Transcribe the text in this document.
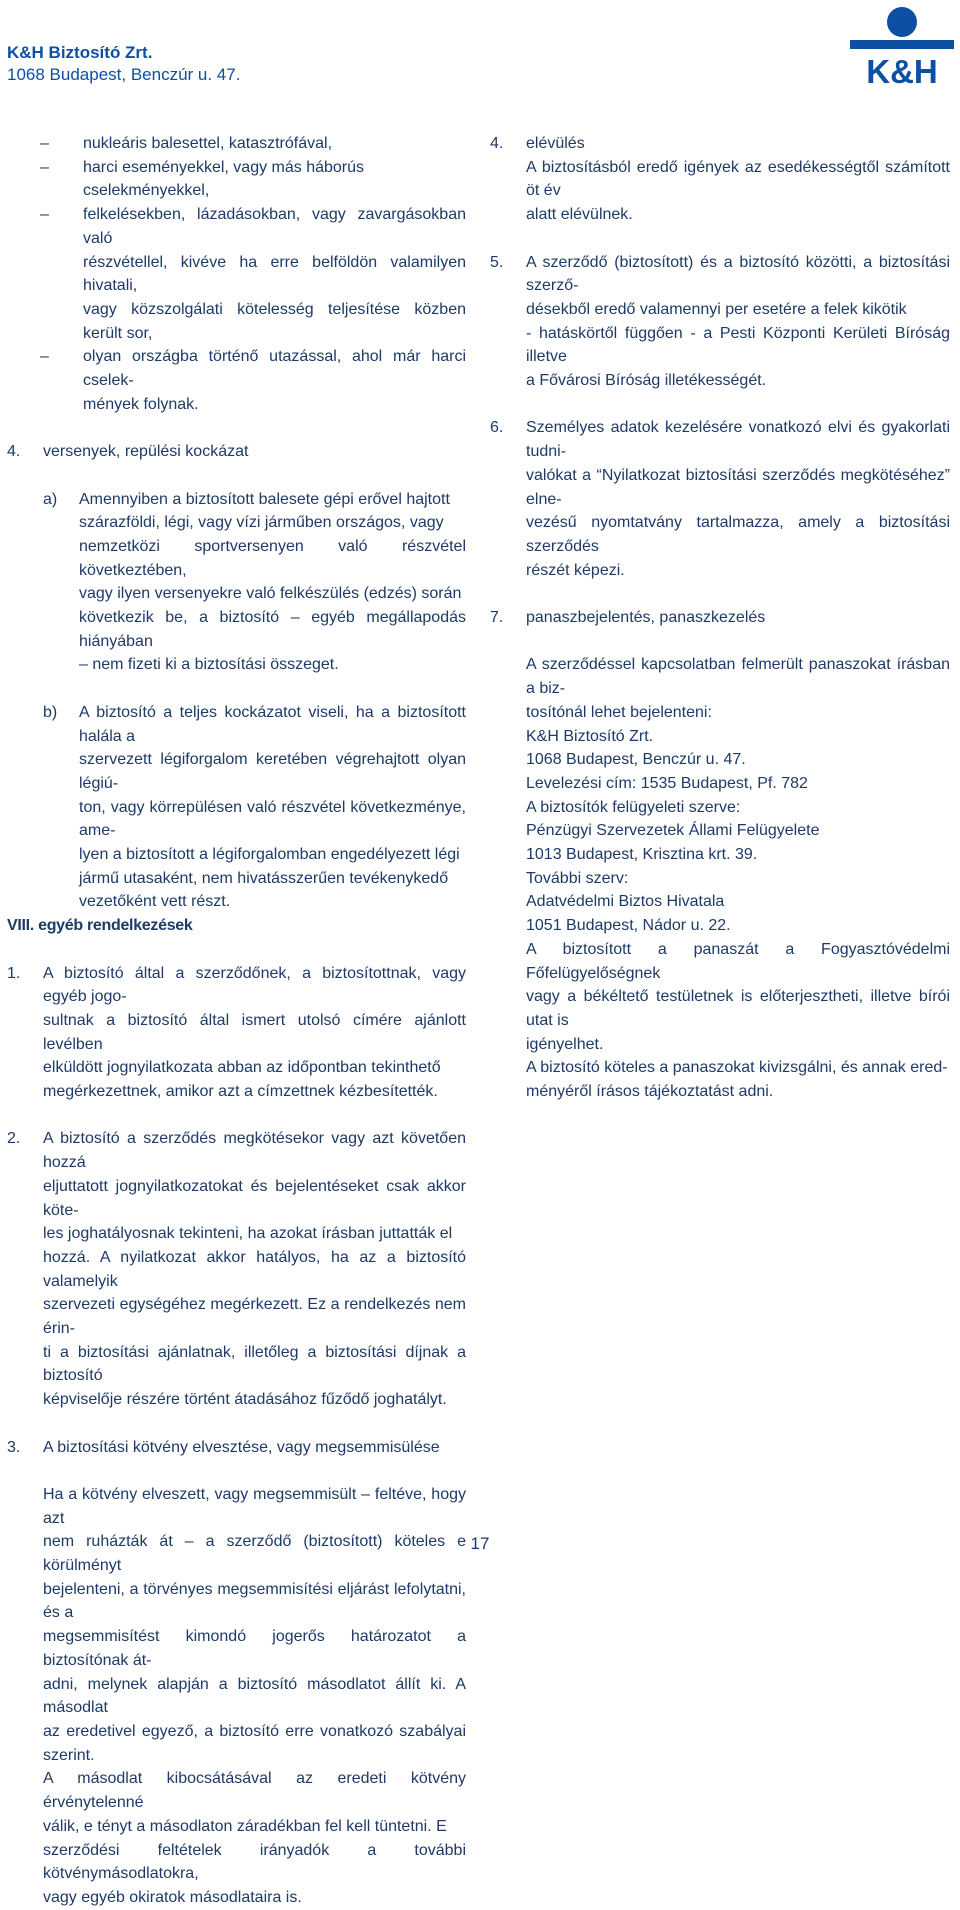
K&H Biztosító Zrt.
1068 Budapest, Benczúr u. 47.	K&H

– nukleáris balesettel, katasztrófával,

– harci eseményekkel, vagy más háborús cselekményekkel,

– felkelésekben, lázadásokban, vagy zavargásokban való

részvétellel, kivéve ha erre belföldön valamilyen hivatali,

vagy közszolgálati kötelesség teljesítése közben került sor,

– olyan országba történő utazással, ahol már harci cselek-

mények folynak.

4. versenyek, repülési kockázat

a) Amennyiben a biztosított balesete gépi erővel hajtott

szárazföldi, légi, vagy vízi járműben országos, vagy

nemzetközi sportversenyen való részvétel következtében,

vagy ilyen versenyekre való felkészülés (edzés) során

következik be, a biztosító – egyéb megállapodás hiányában

– nem fizeti ki a biztosítási összeget.

b) A biztosító a teljes kockázatot viseli, ha a biztosított halála a

szervezett légiforgalom keretében végrehajtott olyan légiú-

ton, vagy körrepülésen való részvétel következménye, ame-

lyen a biztosított a légiforgalomban engedélyezett légi

jármű utasaként, nem hivatásszerűen tevékenykedő

vezetőként vett részt.

VIII. egyéb rendelkezések

1. A biztosító által a szerződőnek, a biztosítottnak, vagy egyéb jogo-

sultnak a biztosító által ismert utolsó címére ajánlott levélben

elküldött jognyilatkozata abban az időpontban tekinthető

megérkezettnek, amikor azt a címzettnek kézbesítették.

2. A biztosító a szerződés megkötésekor vagy azt követően hozzá

eljuttatott jognyilatkozatokat és bejelentéseket csak akkor köte-

les joghatályosnak tekinteni, ha azokat írásban juttatták el

hozzá. A nyilatkozat akkor hatályos, ha az a biztosító valamelyik

szervezeti egységéhez megérkezett. Ez a rendelkezés nem érin-

ti a biztosítási ajánlatnak, illetőleg a biztosítási díjnak a biztosító

képviselője részére történt átadásához fűződő joghatályt.

3. A biztosítási kötvény elvesztése, vagy megsemmisülése

Ha a kötvény elveszett, vagy megsemmisült – feltéve, hogy azt

nem ruházták át – a szerződő (biztosított) köteles e körülményt

bejelenteni, a törvényes megsemmisítési eljárást lefolytatni, és a

megsemmisítést kimondó jogerős határozatot a biztosítónak át-

adni, melynek alapján a biztosító másodlatot állít ki. A másodlat

az eredetivel egyező, a biztosító erre vonatkozó szabályai szerint.

A másodlat kibocsátásával az eredeti kötvény érvénytelenné

válik, e tényt a másodlaton záradékban fel kell tüntetni. E

szerződési feltételek irányadók a további kötvénymásodlatokra,

vagy egyéb okiratok másodlataira is.

4. elévülés

A biztosításból eredő igények az esedékességtől számított öt év

alatt elévülnek.

5. A szerződő (biztosított) és a biztosító közötti, a biztosítási szerző-

désekből eredő valamennyi per esetére a felek kikötik

- hatáskörtől függően - a Pesti Központi Kerületi Bíróság illetve

a Fővárosi Bíróság illetékességét.

6. Személyes adatok kezelésére vonatkozó elvi és gyakorlati tudni-

valókat a “Nyilatkozat biztosítási szerződés megkötéséhez” elne-

vezésű nyomtatvány tartalmazza, amely a biztosítási szerződés

részét képezi.

7. panaszbejelentés, panaszkezelés

A szerződéssel kapcsolatban felmerült panaszokat írásban a biz-

tosítónál lehet bejelenteni:

K&H Biztosító Zrt.

1068 Budapest, Benczúr u. 47.

Levelezési cím: 1535 Budapest, Pf. 782

A biztosítók felügyeleti szerve:

Pénzügyi Szervezetek Állami Felügyelete

1013 Budapest, Krisztina krt. 39.

További szerv:

Adatvédelmi Biztos Hivatala

1051 Budapest, Nádor u. 22.

A biztosított a panaszát a Fogyasztóvédelmi Főfelügyelőségnek

vagy a békéltető testületnek is előterjesztheti, illetve bírói utat is

igényelhet.

A biztosító köteles a panaszokat kivizsgálni, és annak ered-

ményéről írásos tájékoztatást adni.

17
